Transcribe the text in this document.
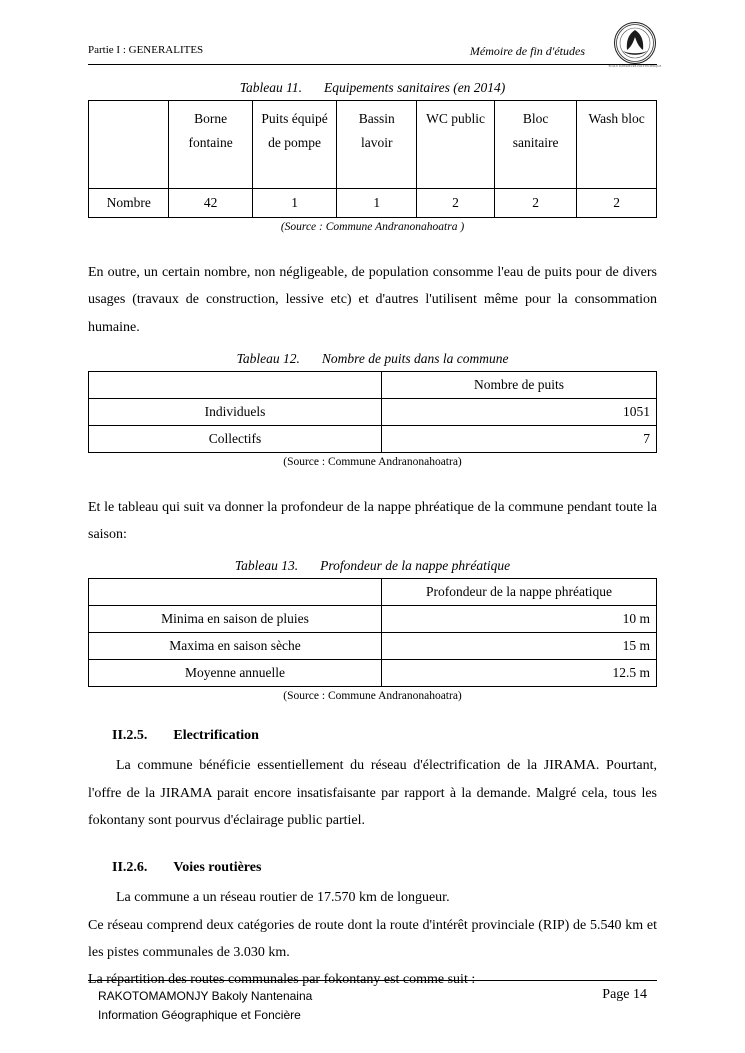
Partie I : GENERALITES	Mémoire de fin d'études
ECOLE SUPERIEURE POLYTECHNIQUE
Tableau 11. Equipements sanitaires (en 2014)
	Borne fontaine	Puits équipé de pompe	Bassin lavoir	WC public	Bloc sanitaire	Wash bloc
Nombre	42	1	1	2	2	2
(Source : Commune Andranonahoatra )

En outre, un certain nombre, non négligeable, de population consomme l'eau de puits pour de divers usages (travaux de construction, lessive etc) et d'autres l'utilisent même pour la consommation humaine.

Tableau 12. Nombre de puits dans la commune
	Nombre de puits
Individuels	1051
Collectifs	7
(Source : Commune Andranonahoatra)

Et le tableau qui suit va donner la profondeur de la nappe phréatique de la commune pendant toute la saison:

Tableau 13. Profondeur de la nappe phréatique
	Profondeur de la nappe phréatique
Minima en saison de pluies	10 m
Maxima en saison sèche	15 m
Moyenne annuelle	12.5 m
(Source : Commune Andranonahoatra)
II.2.5. Electrification

La commune bénéficie essentiellement du réseau d'électrification de la JIRAMA. Pourtant, l'offre de la JIRAMA parait encore insatisfaisante par rapport à la demande. Malgré cela, tous les fokontany sont pourvus d'éclairage public partiel.

II.2.6. Voies routières

La commune a un réseau routier de 17.570 km de longueur.

Ce réseau comprend deux catégories de route dont la route d'intérêt provinciale (RIP) de 5.540 km et les pistes communales de 3.030 km.

La répartition des routes communales par fokontany est comme suit :

RAKOTOMAMONJY Bakoly Nantenaina
Information Géographique et Foncière
Page 14
